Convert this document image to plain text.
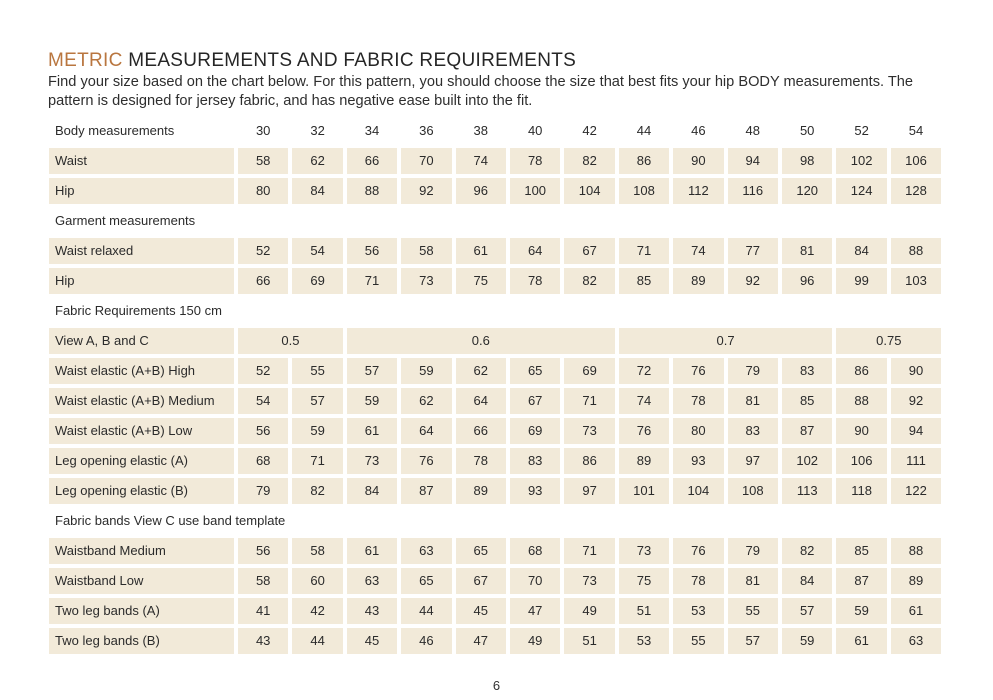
METRIC MEASUREMENTS AND FABRIC REQUIREMENTS
Find your size based on the chart below. For this pattern, you should choose the size that best fits your hip BODY measurements. The pattern is designed for jersey fabric, and has negative ease built into the fit.
Body measurements	30	32	34	36	38	40	42	44	46	48	50	52	54
Waist	58	62	66	70	74	78	82	86	90	94	98	102	106
Hip	80	84	88	92	96	100	104	108	112	116	120	124	128
Garment measurements
Waist relaxed	52	54	56	58	61	64	67	71	74	77	81	84	88
Hip	66	69	71	73	75	78	82	85	89	92	96	99	103
Fabric Requirements 150 cm
View A, B and C	0.5	0.6	0.7	0.75
Waist elastic (A+B) High	52	55	57	59	62	65	69	72	76	79	83	86	90
Waist elastic (A+B) Medium	54	57	59	62	64	67	71	74	78	81	85	88	92
Waist elastic (A+B) Low	56	59	61	64	66	69	73	76	80	83	87	90	94
Leg opening elastic (A)	68	71	73	76	78	83	86	89	93	97	102	106	111
Leg opening elastic (B)	79	82	84	87	89	93	97	101	104	108	113	118	122
Fabric bands View C use band template
Waistband Medium	56	58	61	63	65	68	71	73	76	79	82	85	88
Waistband Low	58	60	63	65	67	70	73	75	78	81	84	87	89
Two leg bands (A)	41	42	43	44	45	47	49	51	53	55	57	59	61
Two leg bands (B)	43	44	45	46	47	49	51	53	55	57	59	61	63
6
